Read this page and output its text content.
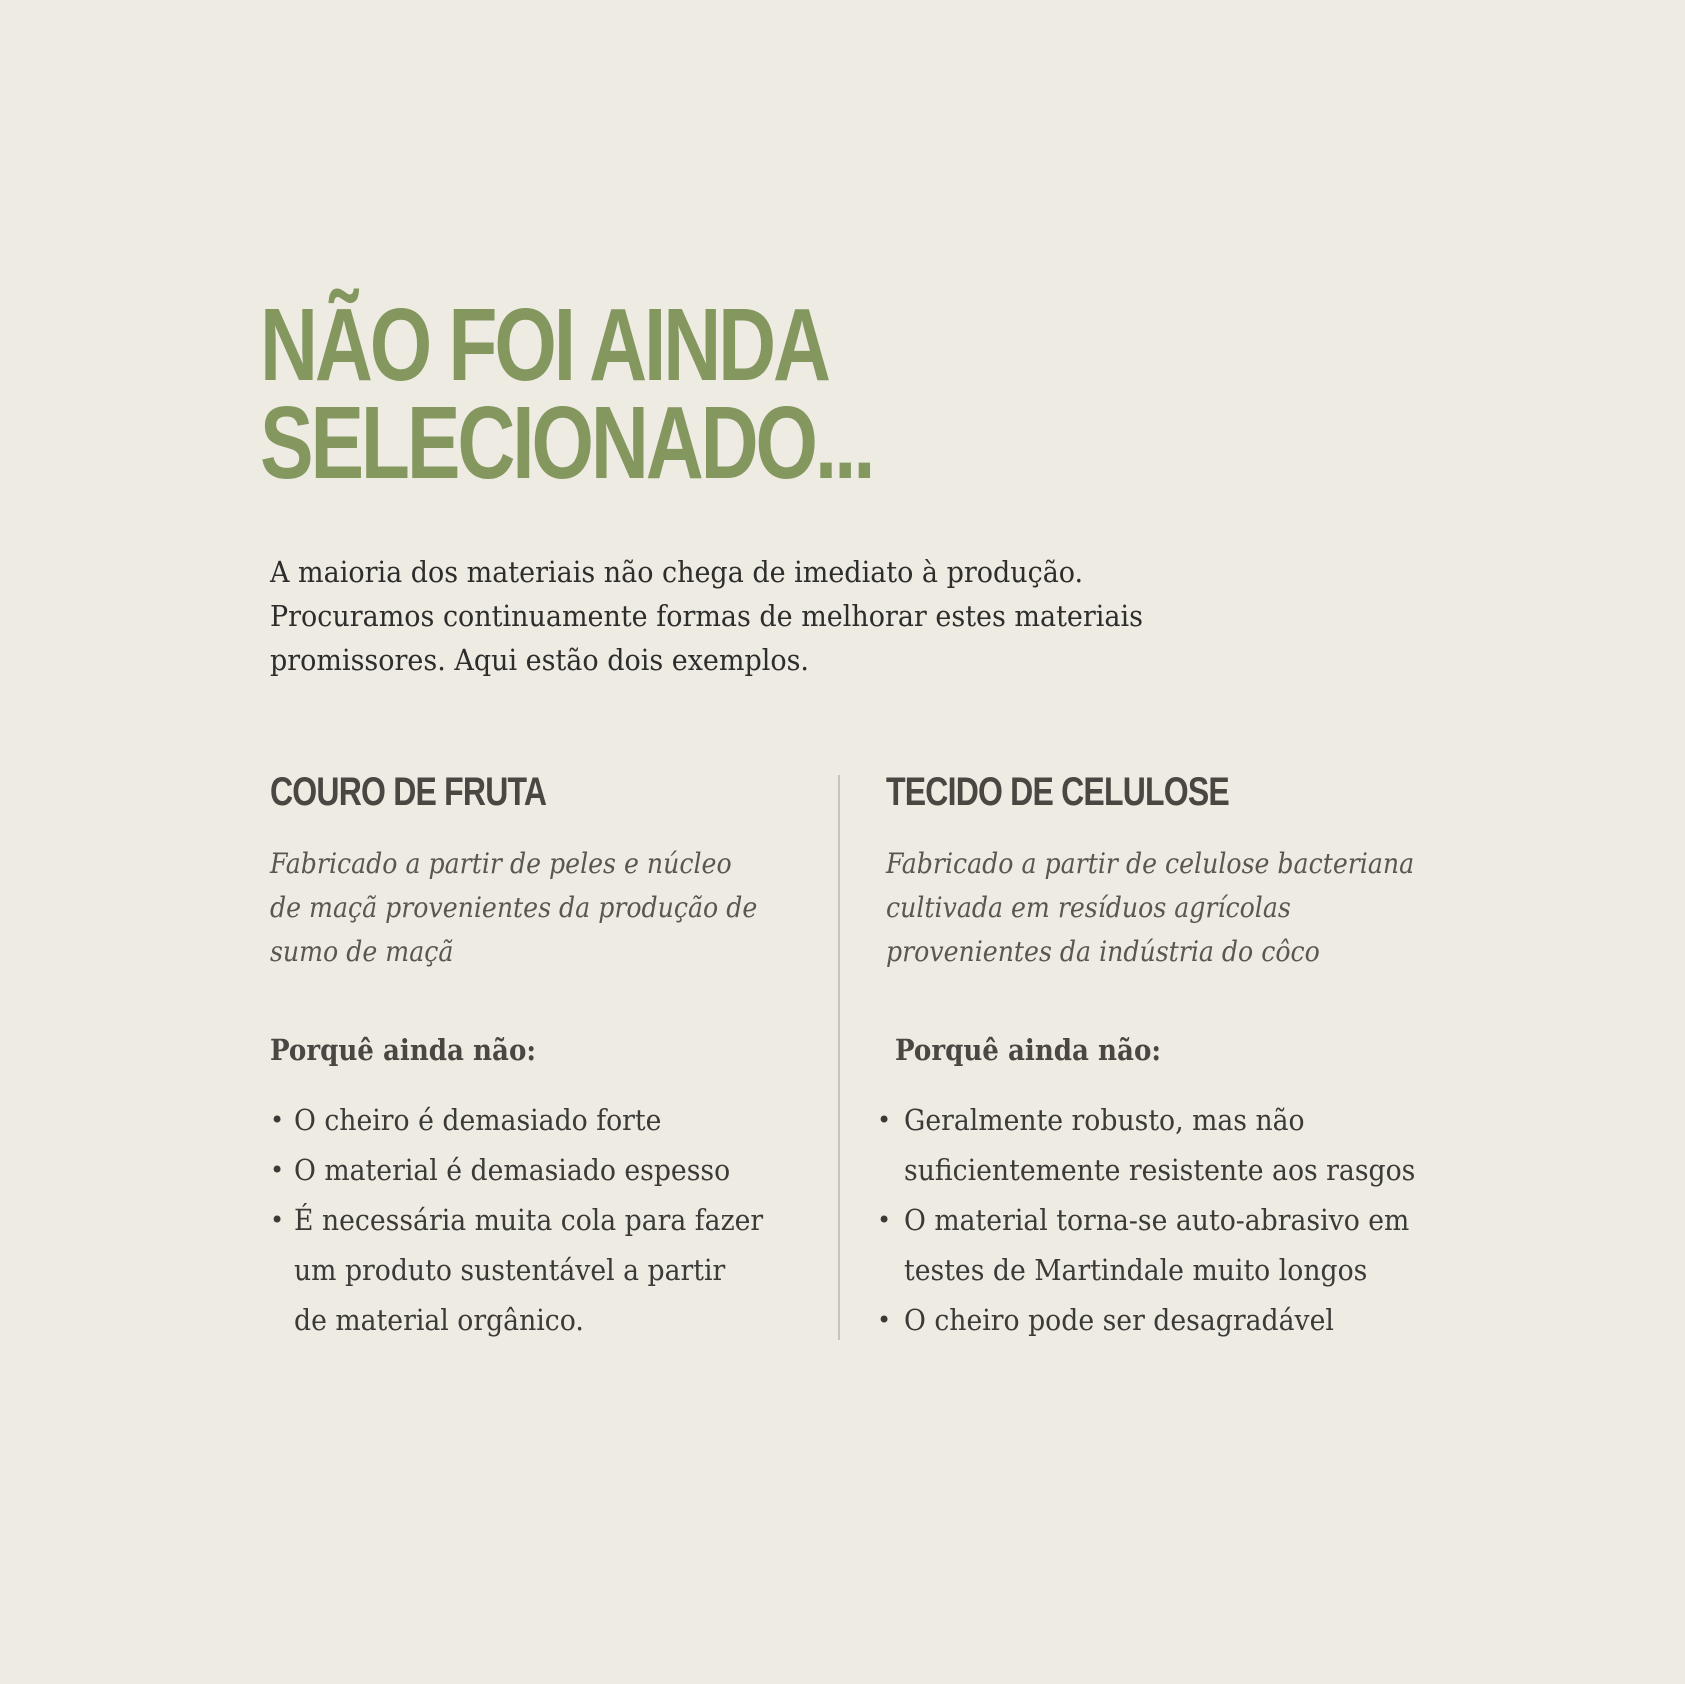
NÃO FOI AINDA
SELECIONADO...

A maioria dos materiais não chega de imediato à produção.
Procuramos continuamente formas de melhorar estes materiais
promissores. Aqui estão dois exemplos.

COURO DE FRUTA

Fabricado a partir de peles e núcleo
de maçã provenientes da produção de
sumo de maçã

Porquê ainda não:

• O cheiro é demasiado forte
• O material é demasiado espesso
• É necessária muita cola para fazer
um produto sustentável a partir
de material orgânico.
TECIDO DE CELULOSE

Fabricado a partir de celulose bacteriana
cultivada em resíduos agrícolas
provenientes da indústria do côco

Porquê ainda não:

• Geralmente robusto, mas não
suficientemente resistente aos rasgos
• O material torna-se auto-abrasivo em
testes de Martindale muito longos
• O cheiro pode ser desagradável
